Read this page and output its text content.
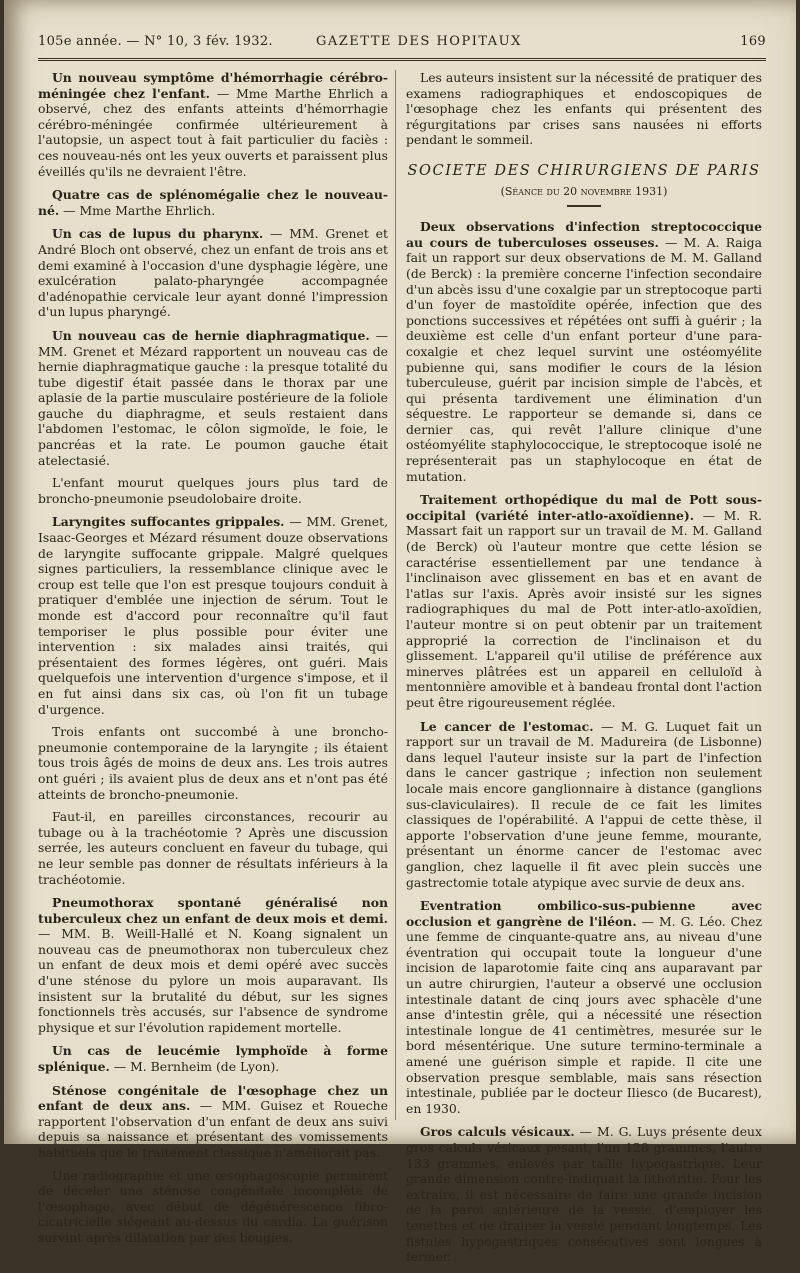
105e année. — N° 10, 3 fév. 1932.	GAZETTE DES HOPITAUX	169

Un nouveau symptôme d'hémorrhagie cérébro-méningée chez l'enfant. — Mme Marthe Ehrlich a observé, chez des enfants atteints d'hémorrhagie cérébro-méningée confirmée ultérieurement à l'autopsie, un aspect tout à fait particulier du faciès : ces nouveau-nés ont les yeux ouverts et paraissent plus éveillés qu'ils ne devraient l'être.

Quatre cas de splénomégalie chez le nouveau-né. — Mme Marthe Ehrlich.

Un cas de lupus du pharynx. — MM. Grenet et André Bloch ont observé, chez un enfant de trois ans et demi examiné à l'occasion d'une dysphagie légère, une exulcération palato-pharyngée accompagnée d'adénopathie cervicale leur ayant donné l'impression d'un lupus pharyngé.

Un nouveau cas de hernie diaphragmatique. — MM. Grenet et Mézard rapportent un nouveau cas de hernie diaphragmatique gauche : la presque totalité du tube digestif était passée dans le thorax par une aplasie de la partie musculaire postérieure de la foliole gauche du diaphragme, et seuls restaient dans l'abdomen l'estomac, le côlon sigmoïde, le foie, le pancréas et la rate. Le poumon gauche était atelectasié.

L'enfant mourut quelques jours plus tard de broncho-pneumonie pseudolobaire droite.

Laryngites suffocantes grippales. — MM. Grenet, Isaac-Georges et Mézard résument douze observations de laryngite suffocante grippale. Malgré quelques signes particuliers, la ressemblance clinique avec le croup est telle que l'on est presque toujours conduit à pratiquer d'emblée une injection de sérum. Tout le monde est d'accord pour reconnaître qu'il faut temporiser le plus possible pour éviter une intervention : six malades ainsi traités, qui présentaient des formes légères, ont guéri. Mais quelquefois une intervention d'urgence s'impose, et il en fut ainsi dans six cas, où l'on fit un tubage d'urgence.

Trois enfants ont succombé à une broncho-pneumonie contemporaine de la laryngite ; ils étaient tous trois âgés de moins de deux ans. Les trois autres ont guéri ; ils avaient plus de deux ans et n'ont pas été atteints de broncho-pneumonie.

Faut-il, en pareilles circonstances, recourir au tubage ou à la trachéotomie ? Après une discussion serrée, les auteurs concluent en faveur du tubage, qui ne leur semble pas donner de résultats inférieurs à la trachéotomie.

Pneumothorax spontané généralisé non tuberculeux chez un enfant de deux mois et demi. — MM. B. Weill-Hallé et N. Koang signalent un nouveau cas de pneumothorax non tuberculeux chez un enfant de deux mois et demi opéré avec succès d'une sténose du pylore un mois auparavant. Ils insistent sur la brutalité du début, sur les signes fonctionnels très accusés, sur l'absence de syndrome physique et sur l'évolution rapidement mortelle.

Un cas de leucémie lymphoïde à forme splénique. — M. Bernheim (de Lyon).

Sténose congénitale de l'œsophage chez un enfant de deux ans. — MM. Guisez et Roueche rapportent l'observation d'un enfant de deux ans suivi depuis sa naissance et présentant des vomissements habituels que le traitement classique n'améliorait pas.

Une radiographie et une œsophagoscopie permirent de déceler une sténose congénitale incomplète de l'œsophage, avec début de dégénérescence fibro-cicatricielle siégeant au-dessus du cardia. La guérison survint après dilatation par des bougies.

Les auteurs insistent sur la nécessité de pratiquer des examens radiographiques et endoscopiques de l'œsophage chez les enfants qui présentent des régurgitations par crises sans nausées ni efforts pendant le sommeil.

SOCIETE DES CHIRURGIENS DE PARIS
(Séance du 20 novembre 1931)

Deux observations d'infection streptococcique au cours de tuberculoses osseuses. — M. A. Raiga fait un rapport sur deux observations de M. M. Galland (de Berck) : la première concerne l'infection secondaire d'un abcès issu d'une coxalgie par un streptocoque parti d'un foyer de mastoïdite opérée, infection que des ponctions successives et répétées ont suffi à guérir ; la deuxième est celle d'un enfant porteur d'une para-coxalgie et chez lequel survint une ostéomyélite pubienne qui, sans modifier le cours de la lésion tuberculeuse, guérit par incision simple de l'abcès, et qui présenta tardivement une élimination d'un séquestre. Le rapporteur se demande si, dans ce dernier cas, qui revêt l'allure clinique d'une ostéomyélite staphylococcique, le streptocoque isolé ne représenterait pas un staphylocoque en état de mutation.

Traitement orthopédique du mal de Pott sous-occipital (variété inter-atlo-axoïdienne). — M. R. Massart fait un rapport sur un travail de M. M. Galland (de Berck) où l'auteur montre que cette lésion se caractérise essentiellement par une tendance à l'inclinaison avec glissement en bas et en avant de l'atlas sur l'axis. Après avoir insisté sur les signes radiographiques du mal de Pott inter-atlo-axoïdien, l'auteur montre si on peut obtenir par un traitement approprié la correction de l'inclinaison et du glissement. L'appareil qu'il utilise de préférence aux minerves plâtrées est un appareil en celluloïd à mentonnière amovible et à bandeau frontal dont l'action peut être rigoureusement réglée.

Le cancer de l'estomac. — M. G. Luquet fait un rapport sur un travail de M. Madureira (de Lisbonne) dans lequel l'auteur insiste sur la part de l'infection dans le cancer gastrique ; infection non seulement locale mais encore ganglionnaire à distance (ganglions sus-claviculaires). Il recule de ce fait les limites classiques de l'opérabilité. A l'appui de cette thèse, il apporte l'observation d'une jeune femme, mourante, présentant un énorme cancer de l'estomac avec ganglion, chez laquelle il fit avec plein succès une gastrectomie totale atypique avec survie de deux ans.

Eventration ombilico-sus-pubienne avec occlusion et gangrène de l'iléon. — M. G. Léo. Chez une femme de cinquante-quatre ans, au niveau d'une éventration qui occupait toute la longueur d'une incision de laparotomie faite cinq ans auparavant par un autre chirurgien, l'auteur a observé une occlusion intestinale datant de cinq jours avec sphacèle d'une anse d'intestin grêle, qui a nécessité une résection intestinale longue de 41 centimètres, mesurée sur le bord mésentérique. Une suture termino-terminale a amené une guérison simple et rapide. Il cite une observation presque semblable, mais sans résection intestinale, publiée par le docteur Iliesco (de Bucarest), en 1930.

Gros calculs vésicaux. — M. G. Luys présente deux gros calculs vésicaux pesant, l'un 128 grammes, l'autre 133 grammes, enlevés par taille hypogastrique. Leur grande dimension contre-indiquait la lithotritie. Pour les extraire, il est nécessaire de faire une grande incision de la paroi antérieure de la vessie, d'employer les tenettes et de drainer la vessie pendant longtemps. Les fistules hypogastriques consécutives sont longues à fermer.
